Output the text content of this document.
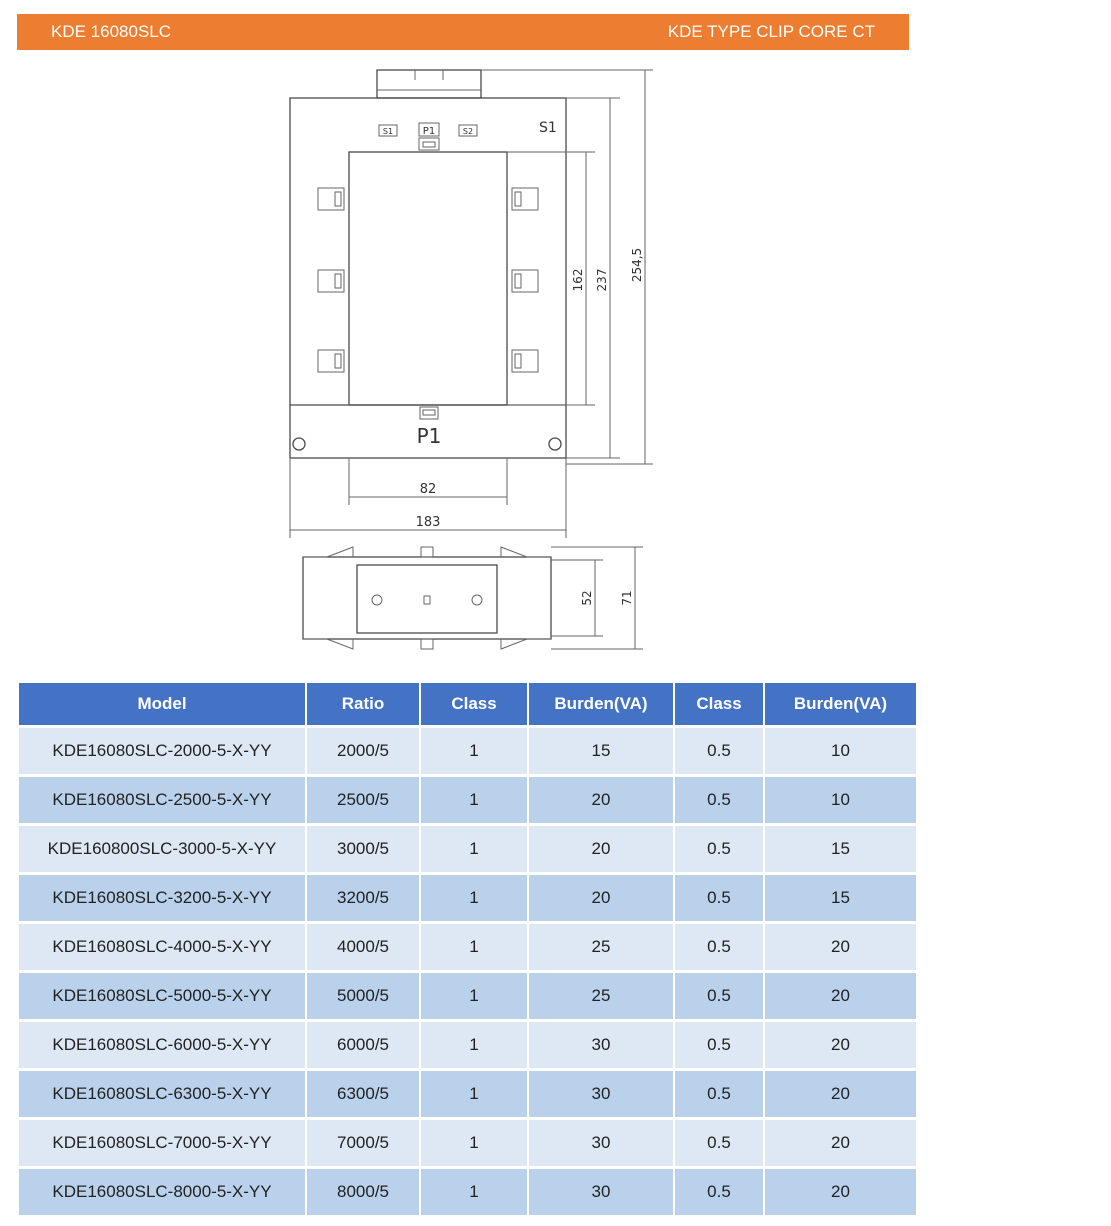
KDE 16080SLC	KDE TYPE CLIP CORE CT
S1	P1	S2	S1
P1
162 237 254,5
82
183
52 71
Model	Ratio	Class	Burden(VA)	Class	Burden(VA)
KDE16080SLC-2000-5-X-YY	2000/5	1	15	0.5	10
KDE16080SLC-2500-5-X-YY	2500/5	1	20	0.5	10
KDE160800SLC-3000-5-X-YY	3000/5	1	20	0.5	15
KDE16080SLC-3200-5-X-YY	3200/5	1	20	0.5	15
KDE16080SLC-4000-5-X-YY	4000/5	1	25	0.5	20
KDE16080SLC-5000-5-X-YY	5000/5	1	25	0.5	20
KDE16080SLC-6000-5-X-YY	6000/5	1	30	0.5	20
KDE16080SLC-6300-5-X-YY	6300/5	1	30	0.5	20
KDE16080SLC-7000-5-X-YY	7000/5	1	30	0.5	20
KDE16080SLC-8000-5-X-YY	8000/5	1	30	0.5	20
